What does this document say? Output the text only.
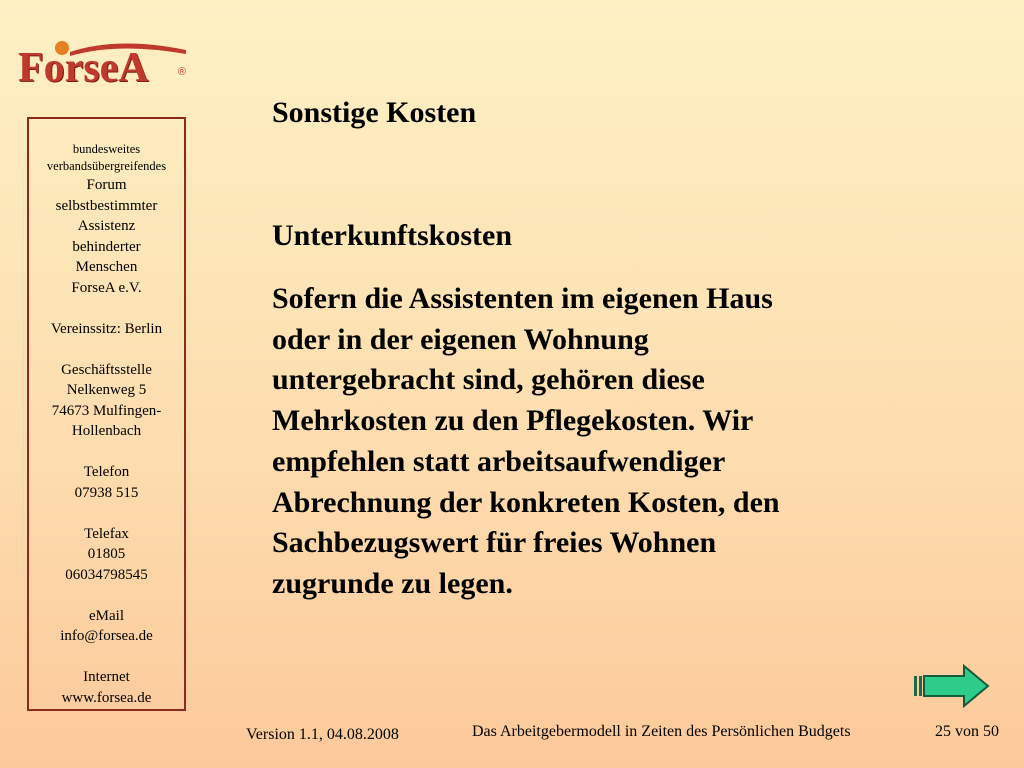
ForseA	®
bundesweites
verbandsübergreifendes
Forum
selbstbestimmter
Assistenz
behinderter
Menschen
ForseA e.V.
Vereinssitz: Berlin
Geschäftsstelle
Nelkenweg 5
74673 Mulfingen-
Hollenbach
Telefon
07938 515
Telefax
01805
06034798545
eMail
info@forsea.de
Internet
www.forsea.de
Sonstige Kosten
Unterkunftskosten
Sofern die Assistenten im eigenen Haus
oder in der eigenen Wohnung
untergebracht sind, gehören diese
Mehrkosten zu den Pflegekosten. Wir
empfehlen statt arbeitsaufwendiger
Abrechnung der konkreten Kosten, den
Sachbezugswert für freies Wohnen
zugrunde zu legen.
Version 1.1, 04.08.2008	Das Arbeitgebermodell in Zeiten des Persönlichen Budgets	25 von 50
